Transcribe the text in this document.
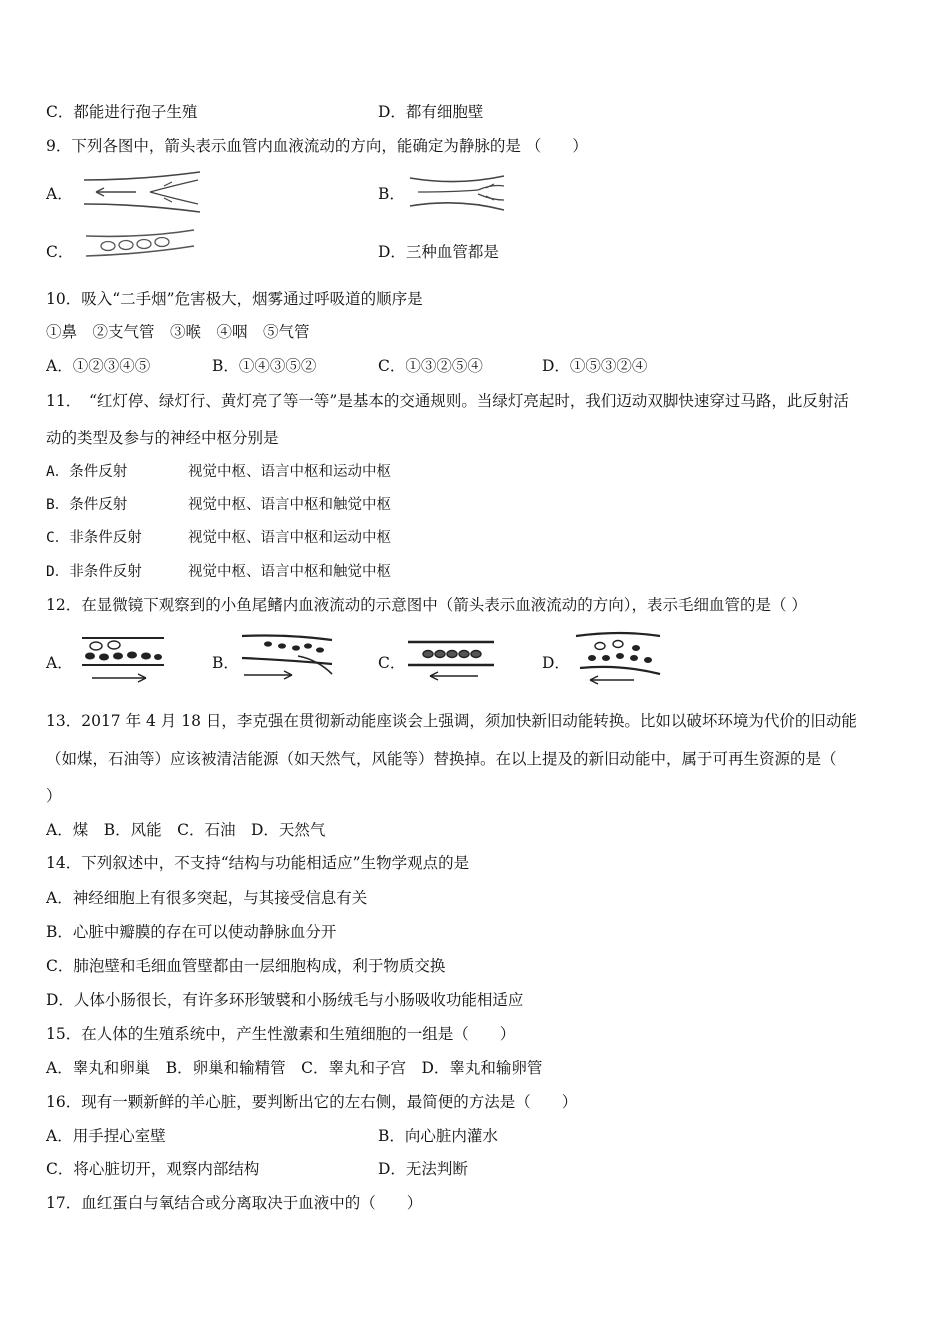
C．都能进行孢子生殖	D．都有细胞壁
9．下列各图中，箭头表示血管内血液流动的方向，能确定为静脉的是 （　　）
A．	B．
C．	D．三种血管都是
10．吸入“二手烟”危害极大，烟雾通过呼吸道的顺序是
①鼻　②支气管　③喉　④咽　⑤气管
A．①②③④⑤	B．①④③⑤②	C．①③②⑤④	D．①⑤③②④
11．　“红灯停、绿灯行、黄灯亮了等一等”是基本的交通规则。当绿灯亮起时，我们迈动双脚快速穿过马路，此反射活
动的类型及参与的神经中枢分别是
A．条件反射	视觉中枢、语言中枢和运动中枢
B．条件反射	视觉中枢、语言中枢和触觉中枢
C．非条件反射	视觉中枢、语言中枢和运动中枢
D．非条件反射	视觉中枢、语言中枢和触觉中枢
12．在显微镜下观察到的小鱼尾鳍内血液流动的示意图中（箭头表示血液流动的方向），表示毛细血管的是（ ）
A．	B．	C．	D．
13．2017 年 4 月 18 日，李克强在贯彻新动能座谈会上强调，须加快新旧动能转换。比如以破坏环境为代价的旧动能
（如煤，石油等）应该被清洁能源（如天然气，风能等）替换掉。在以上提及的新旧动能中，属于可再生资源的是（
）
A．煤　B．风能　C．石油　D．天然气
14．下列叙述中，不支持“结构与功能相适应”生物学观点的是
A．神经细胞上有很多突起，与其接受信息有关
B．心脏中瓣膜的存在可以使动静脉血分开
C．肺泡壁和毛细血管壁都由一层细胞构成，利于物质交换
D．人体小肠很长，有许多环形皱襞和小肠绒毛与小肠吸收功能相适应
15．在人体的生殖系统中，产生性激素和生殖细胞的一组是（　　）
A．睾丸和卵巢　B．卵巢和输精管　C．睾丸和子宫　D．睾丸和输卵管
16．现有一颗新鲜的羊心脏，要判断出它的左右侧，最简便的方法是（　　）
A．用手捏心室壁	B．向心脏内灌水
C．将心脏切开，观察内部结构	D．无法判断
17．血红蛋白与氧结合或分离取决于血液中的（　　）
